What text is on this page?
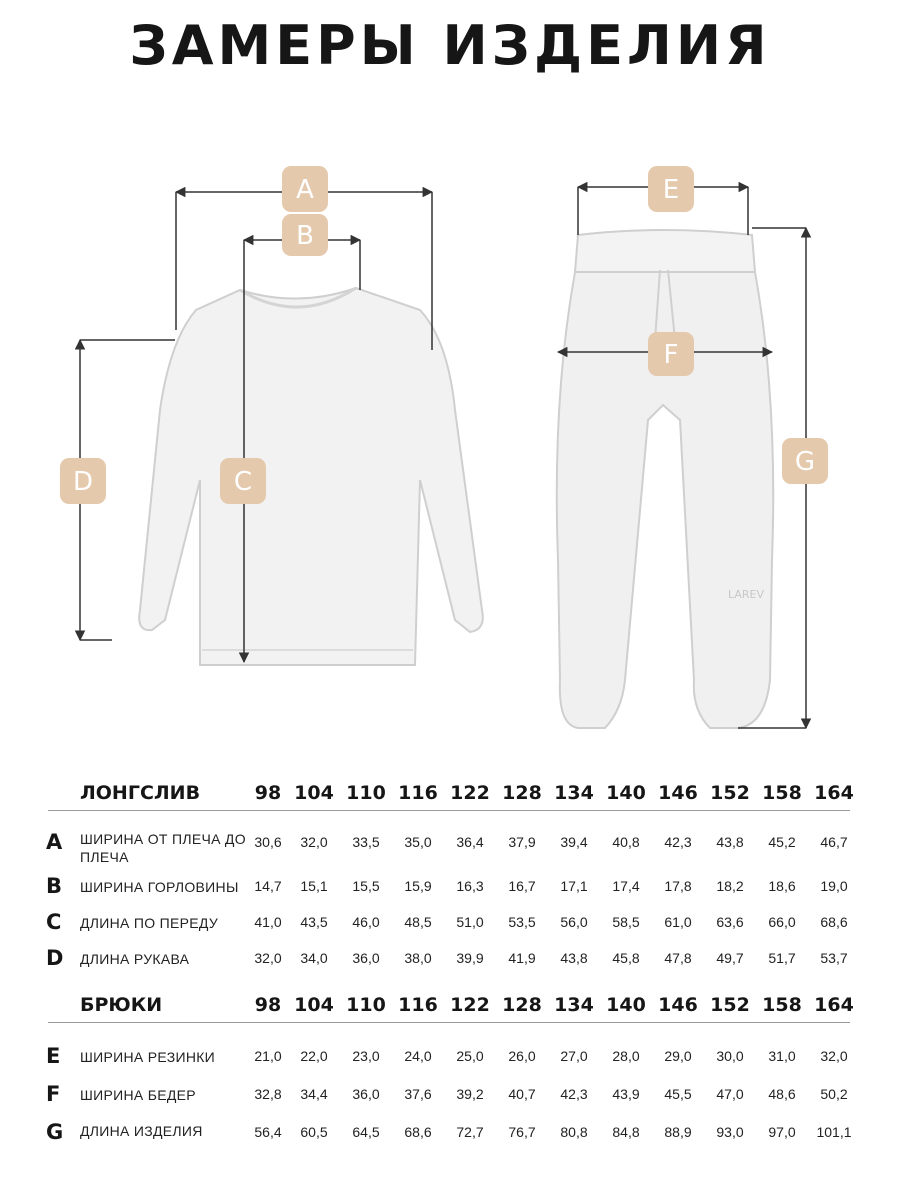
ЗАМЕРЫ ИЗДЕЛИЯ
LAREV
A
B
C
D
E
F
G
ЛОНГСЛИВ	98 104 110 116 122 128 134 140 146 152 158 164
A ШИРИНА ОТ ПЛЕЧА ДО ПЛЕЧА
30,6	32,0	33,5	35,0	36,4	37,9	39,4	40,8	42,3	43,8	45,2	46,7
B ШИРИНА ГОРЛОВИНЫ	14,7	15,1	15,5	15,9	16,3	16,7	17,1	17,4	17,8	18,2	18,6	19,0
C ДЛИНА ПО ПЕРЕДУ	41,0	43,5	46,0	48,5	51,0	53,5	56,0	58,5	61,0	63,6	66,0	68,6
D ДЛИНА РУКАВА	32,0	34,0	36,0	38,0	39,9	41,9	43,8	45,8	47,8	49,7	51,7	53,7
БРЮКИ	98 104 110 116 122 128 134 140 146 152 158 164
E ШИРИНА РЕЗИНКИ	21,0	22,0	23,0	24,0	25,0	26,0	27,0	28,0	29,0	30,0	31,0	32,0
F ШИРИНА БЕДЕР	32,8	34,4	36,0	37,6	39,2	40,7	42,3	43,9	45,5	47,0	48,6	50,2
G ДЛИНА ИЗДЕЛИЯ	56,4	60,5	64,5	68,6	72,7	76,7	80,8	84,8	88,9	93,0	97,0	101,1
